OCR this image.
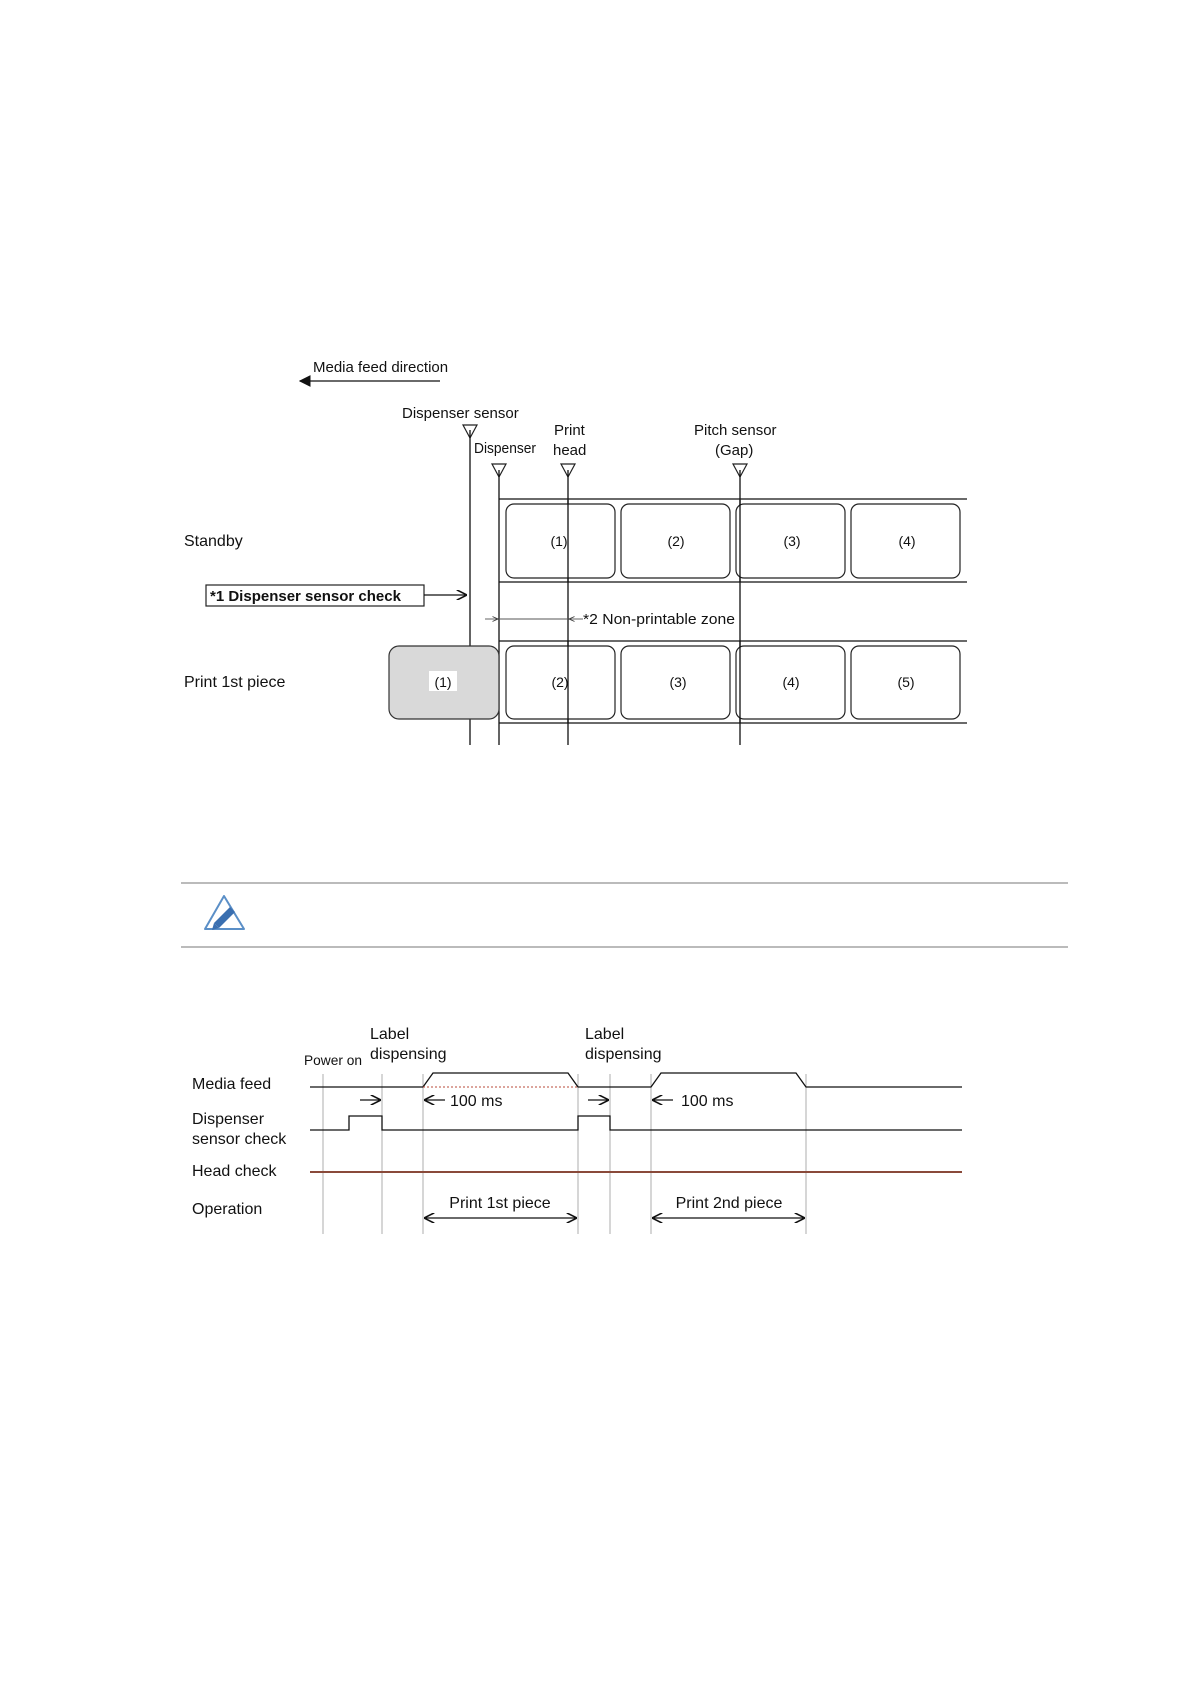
Media feed direction
Dispenser sensor
Dispenser
Print
head
Pitch sensor
(Gap)
Standby	(1)	(2)	(3)	(4)
*1 Dispenser sensor check
*2 Non-printable zone
Print 1st piece	(1)	(2)	(3)	(4)	(5)
Media feed
Dispenser
sensor check
Head check
Operation
Power on
Label
dispensing
Label
dispensing
100 ms	100 ms
Print 1st piece	Print 2nd piece
